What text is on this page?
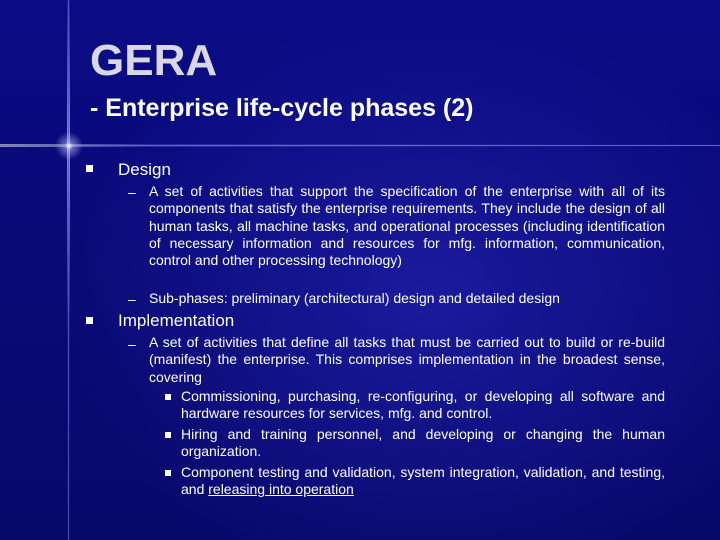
GERA
- Enterprise life-cycle phases (2)
Design
– A set of activities that support the specification of the enterprise with all of its components that satisfy the enterprise requirements. They include the design of all human tasks, all machine tasks, and operational processes (including identification of necessary information and resources for mfg. information, communication, control and other processing technology)
– Sub-phases: preliminary (architectural) design and detailed design
Implementation
– A set of activities that define all tasks that must be carried out to build or re-build (manifest) the enterprise. This comprises implementation in the broadest sense, covering
Commissioning, purchasing, re-configuring, or developing all software and hardware resources for services, mfg. and control.
Hiring and training personnel, and developing or changing the human organization.
Component testing and validation, system integration, validation, and testing, and releasing into operation
